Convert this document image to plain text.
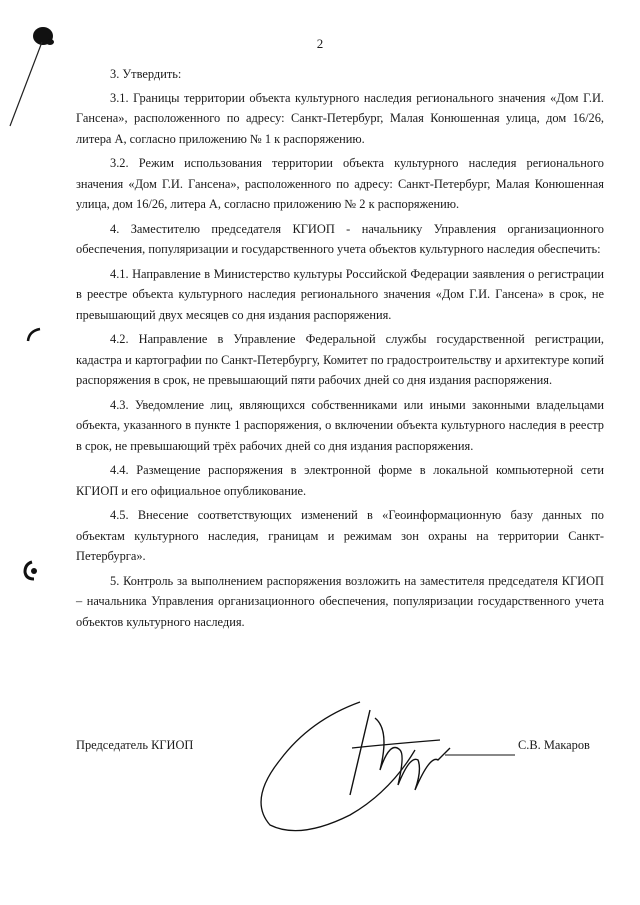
2

3. Утвердить:

3.1. Границы территории объекта культурного наследия регионального значения «Дом Г.И. Гансена», расположенного по адресу: Санкт-Петербург, Малая Конюшенная улица, дом 16/26, литера А, согласно приложению № 1 к распоряжению.

3.2. Режим использования территории объекта культурного наследия регионального значения «Дом Г.И. Гансена», расположенного по адресу: Санкт-Петербург, Малая Конюшенная улица, дом 16/26, литера А, согласно приложению № 2 к распоряжению.

4. Заместителю председателя КГИОП - начальнику Управления организационного обеспечения, популяризации и государственного учета объектов культурного наследия обеспечить:

4.1. Направление в Министерство культуры Российской Федерации заявления о регистрации в реестре объекта культурного наследия регионального значения «Дом Г.И. Гансена» в срок, не превышающий двух месяцев со дня издания распоряжения.

4.2. Направление в Управление Федеральной службы государственной регистрации, кадастра и картографии по Санкт-Петербургу, Комитет по градостроительству и архитектуре копий распоряжения в срок, не превышающий пяти рабочих дней со дня издания распоряжения.

4.3. Уведомление лиц, являющихся собственниками или иными законными владельцами объекта, указанного в пункте 1 распоряжения, о включении объекта культурного наследия в реестр в срок, не превышающий трёх рабочих дней со дня издания распоряжения.

4.4. Размещение распоряжения в электронной форме в локальной компьютерной сети КГИОП и его официальное опубликование.

4.5. Внесение соответствующих изменений в «Геоинформационную базу данных по объектам культурного наследия, границам и режимам зон охраны на территории Санкт-Петербурга».

5. Контроль за выполнением распоряжения возложить на заместителя председателя КГИОП – начальника Управления организационного обеспечения, популяризации государственного учета объектов культурного наследия.

Председатель КГИОП	С.В. Макаров
